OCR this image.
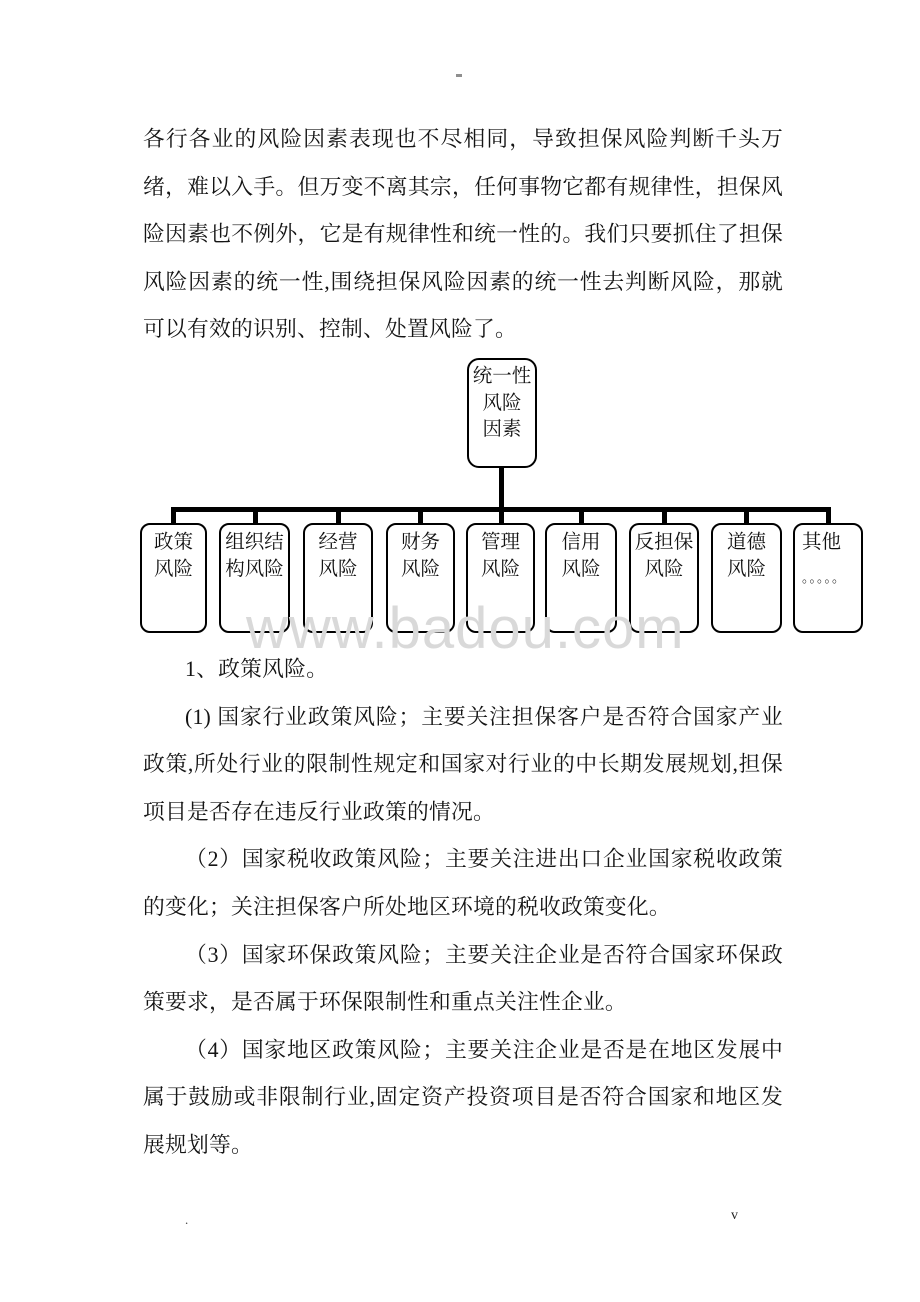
各行各业的风险因素表现也不尽相同，导致担保风险判断千头万绪，难以入手。但万变不离其宗，任何事物它都有规律性，担保风险因素也不例外，它是有规律性和统一性的。我们只要抓住了担保风险因素的统一性,围绕担保风险因素的统一性去判断风险，那就可以有效的识别、控制、处置风险了。
统一性
风险
因素
政策
风险
组织结
构风险
经营
风险
财务
风险
管理
风险
信用
风险
反担保
风险
道德
风险
其他
。。。。。
www.badou.com

1、政策风险。

(1) 国家行业政策风险；主要关注担保客户是否符合国家产业政策,所处行业的限制性规定和国家对行业的中长期发展规划,担保项目是否存在违反行业政策的情况。

（2）国家税收政策风险；主要关注进出口企业国家税收政策的变化；关注担保客户所处地区环境的税收政策变化。

（3）国家环保政策风险；主要关注企业是否符合国家环保政策要求，是否属于环保限制性和重点关注性企业。

（4）国家地区政策风险；主要关注企业是否是在地区发展中属于鼓励或非限制行业,固定资产投资项目是否符合国家和地区发展规划等。

.	v
